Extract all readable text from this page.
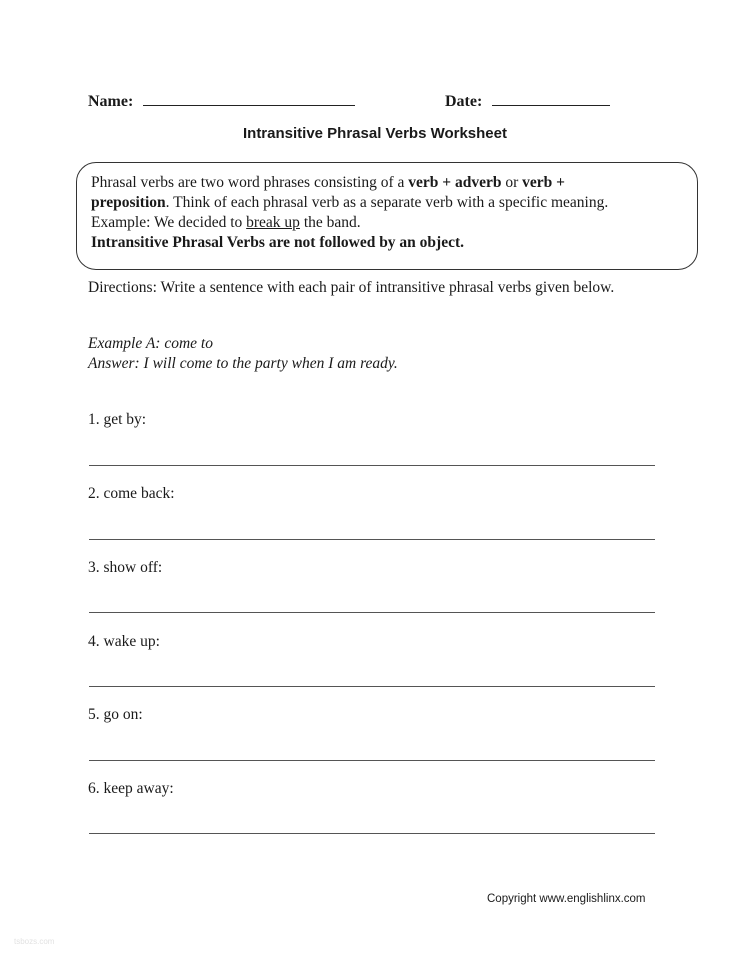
Name:	Date:
Intransitive Phrasal Verbs Worksheet
Phrasal verbs are two word phrases consisting of a verb + adverb or verb +
preposition. Think of each phrasal verb as a separate verb with a specific meaning.
Example: We decided to break up the band.
Intransitive Phrasal Verbs are not followed by an object.
Directions: Write a sentence with each pair of intransitive phrasal verbs given below.
Example A: come to
Answer: I will come to the party when I am ready.
1. get by:
2. come back:
3. show off:
4. wake up:
5. go on:
6. keep away:
Copyright www.englishlinx.com
tsbozs.com
